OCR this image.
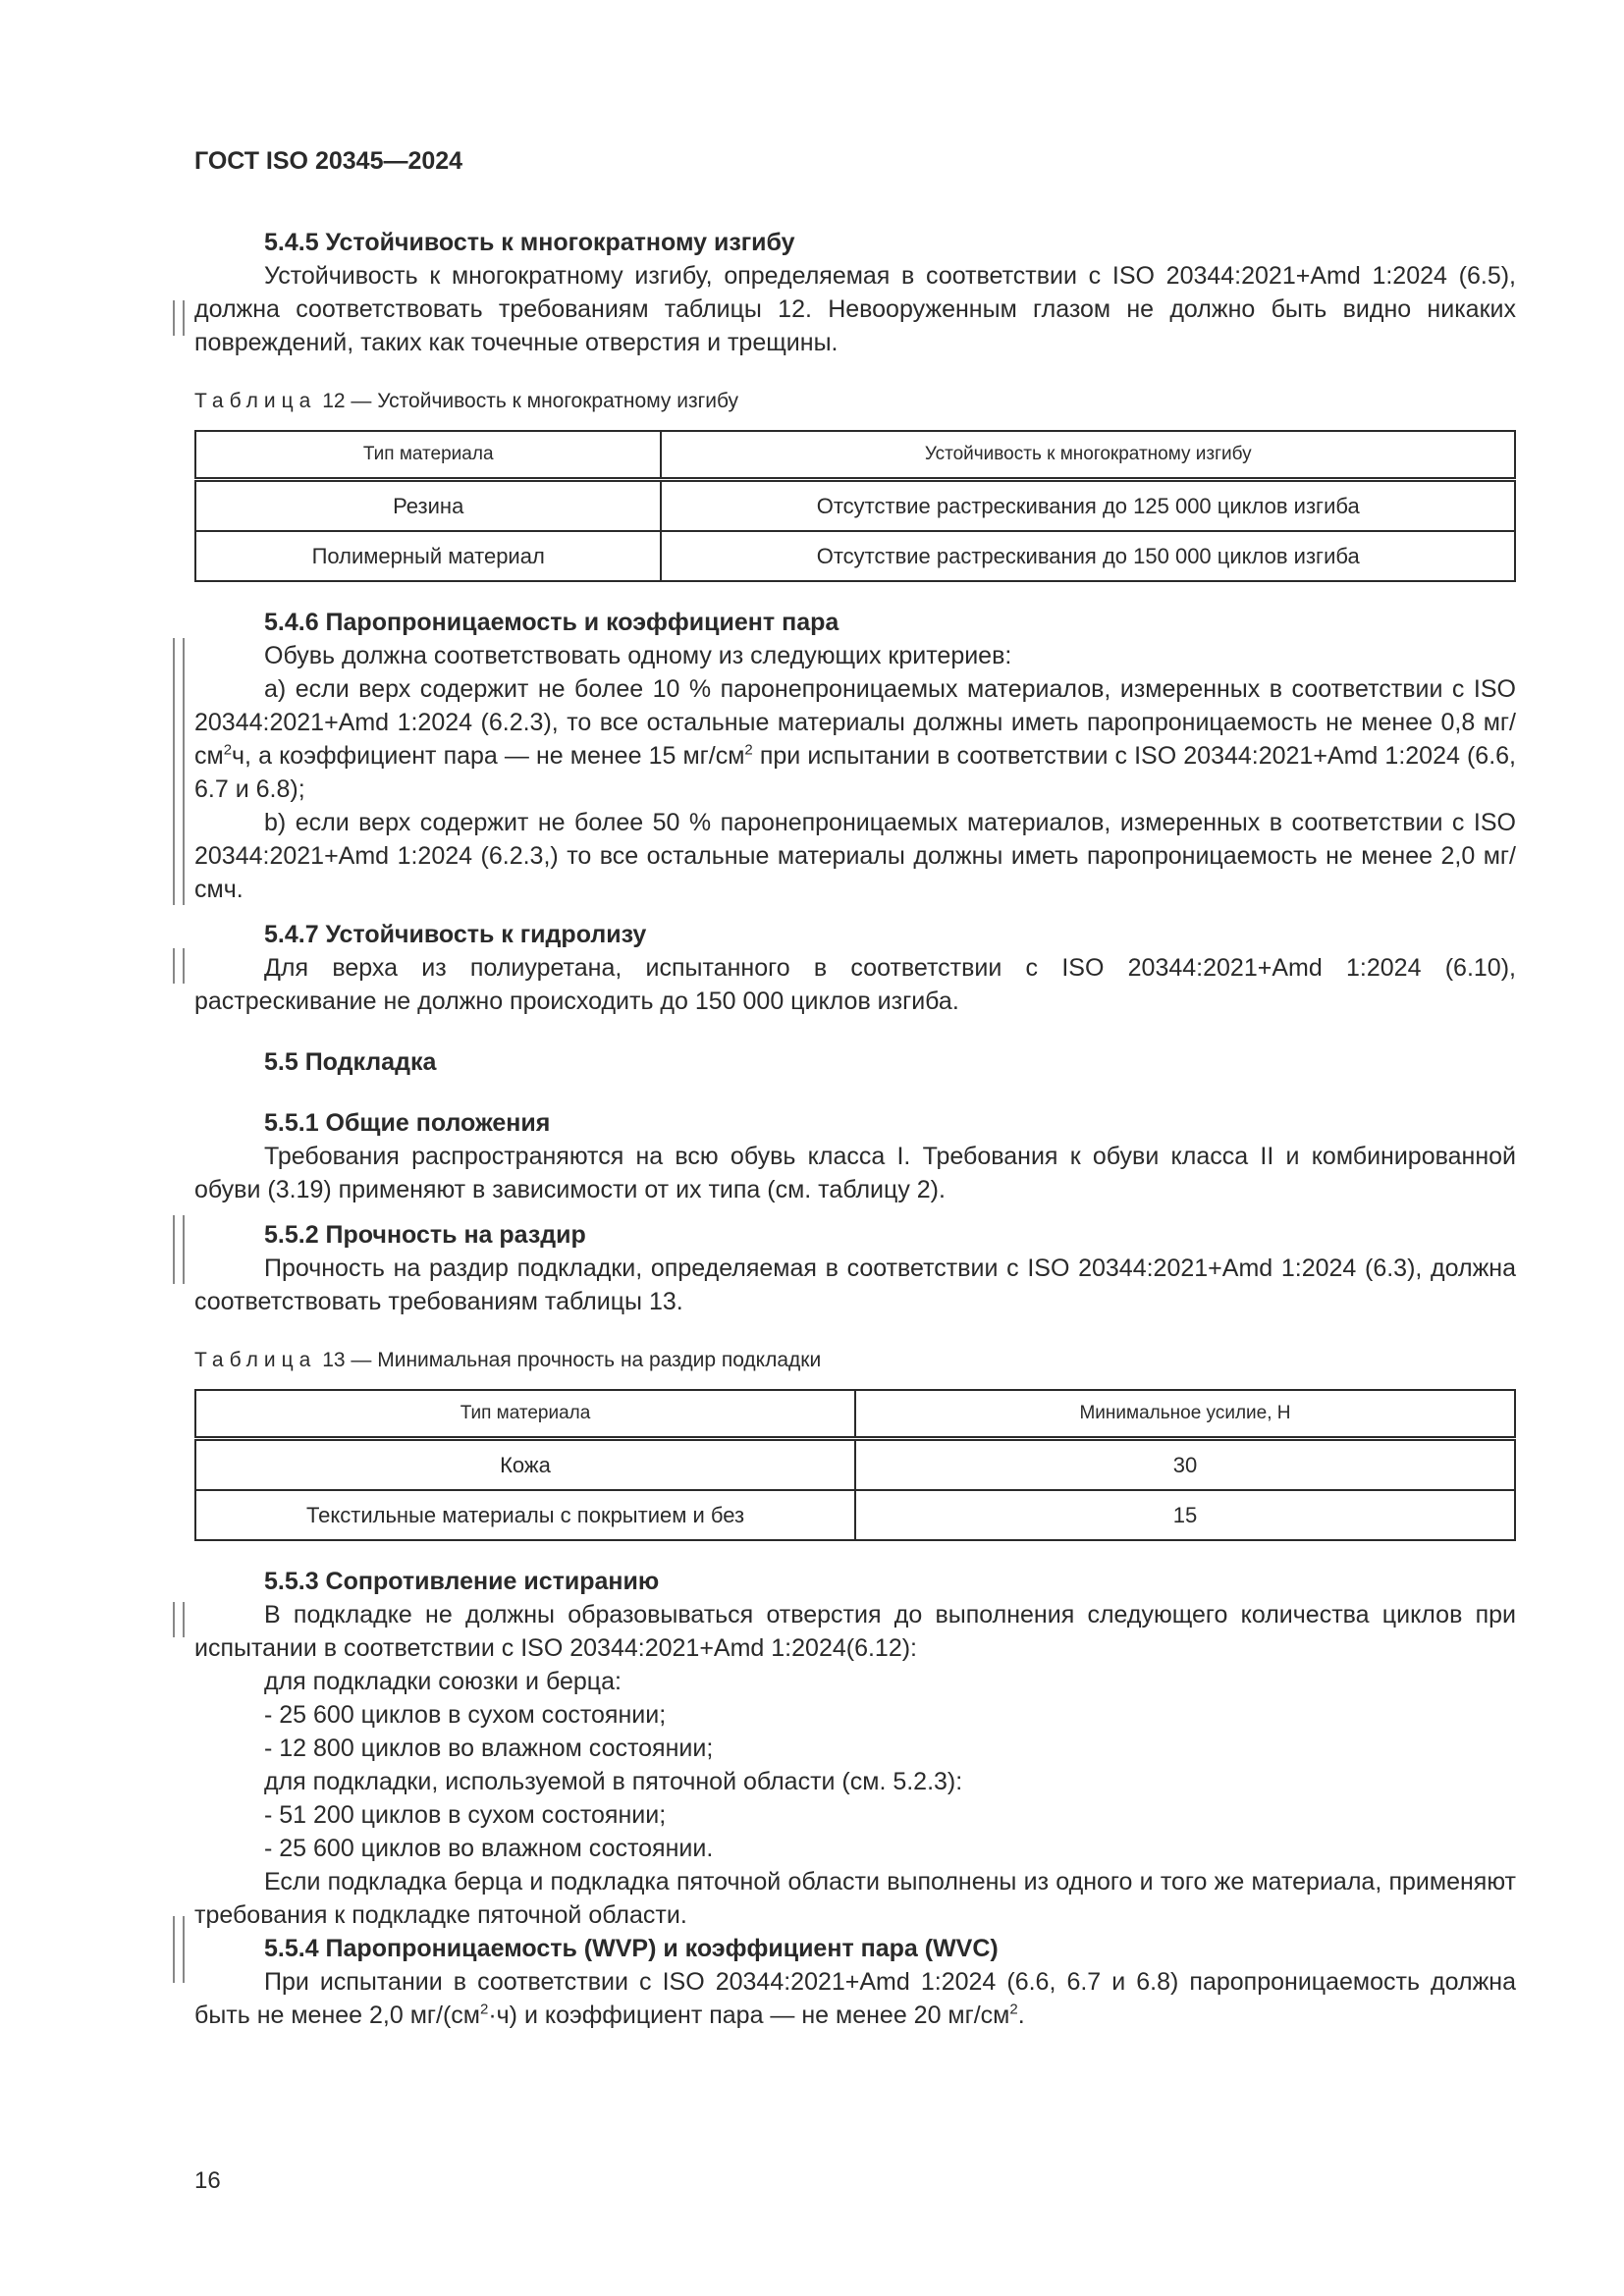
ГОСТ ISO 20345—2024
5.4.5 Устойчивость к многократному изгибу
Устойчивость к многократному изгибу, определяемая в соответствии с ISO 20344:2021+Amd 1:2024 (6.5), должна соответствовать требованиям таблицы 12. Невооруженным глазом не должно быть видно никаких повреждений, таких как точечные отверстия и трещины.
Таблица 12 — Устойчивость к многократному изгибу
Тип материала	Устойчивость к многократному изгибу
Резина	Отсутствие растрескивания до 125 000 циклов изгиба
Полимерный материал	Отсутствие растрескивания до 150 000 циклов изгиба
5.4.6 Паропроницаемость и коэффициент пара
Обувь должна соответствовать одному из следующих критериев:
a) если верх содержит не более 10 % паронепроницаемых материалов, измеренных в соответствии с ISO 20344:2021+Amd 1:2024 (6.2.3), то все остальные материалы должны иметь паропроницаемость не менее 0,8 $мг/см^2ч$, а коэффициент пара — не менее 15 $мг/см^2$ при испытании в соответствии с ISO 20344:2021+Amd 1:2024 (6.6, 6.7 и 6.8);
b) если верх содержит не более 50 % паронепроницаемых материалов, измеренных в соответствии с ISO 20344:2021+Amd 1:2024 (6.2.3,) то все остальные материалы должны иметь паропроницаемость не менее 2,0 мг/смч.
5.4.7 Устойчивость к гидролизу
Для верха из полиуретана, испытанного в соответствии с ISO 20344:2021+Amd 1:2024 (6.10), растрескивание не должно происходить до 150 000 циклов изгиба.
5.5 Подкладка
5.5.1 Общие положения
Требования распространяются на всю обувь класса I. Требования к обуви класса II и комбинированной обуви (3.19) применяют в зависимости от их типа (см. таблицу 2).
5.5.2 Прочность на раздир
Прочность на раздир подкладки, определяемая в соответствии с ISO 20344:2021+Amd 1:2024 (6.3), должна соответствовать требованиям таблицы 13.
Таблица 13 — Минимальная прочность на раздир подкладки
Тип материала	Минимальное усилие, Н
Кожа	30
Текстильные материалы с покрытием и без	15
5.5.3 Сопротивление истиранию
В подкладке не должны образовываться отверстия до выполнения следующего количества циклов при испытании в соответствии с ISO 20344:2021+Amd 1:2024(6.12):
для подкладки союзки и берца:
- 25 600 циклов в сухом состоянии;
- 12 800 циклов во влажном состоянии;
для подкладки, используемой в пяточной области (см. 5.2.3):
- 51 200 циклов в сухом состоянии;
- 25 600 циклов во влажном состоянии.
Если подкладка берца и подкладка пяточной области выполнены из одного и того же материала, применяют требования к подкладке пяточной области.
5.5.4 Паропроницаемость (WVP) и коэффициент пара (WVC)
При испытании в соответствии с ISO 20344:2021+Amd 1:2024 (6.6, 6.7 и 6.8) паропроницаемость должна быть не менее 2,0 $мг/(см^2\cdot ч)$ и коэффициент пара — не менее 20 $мг/см^2$.
16
